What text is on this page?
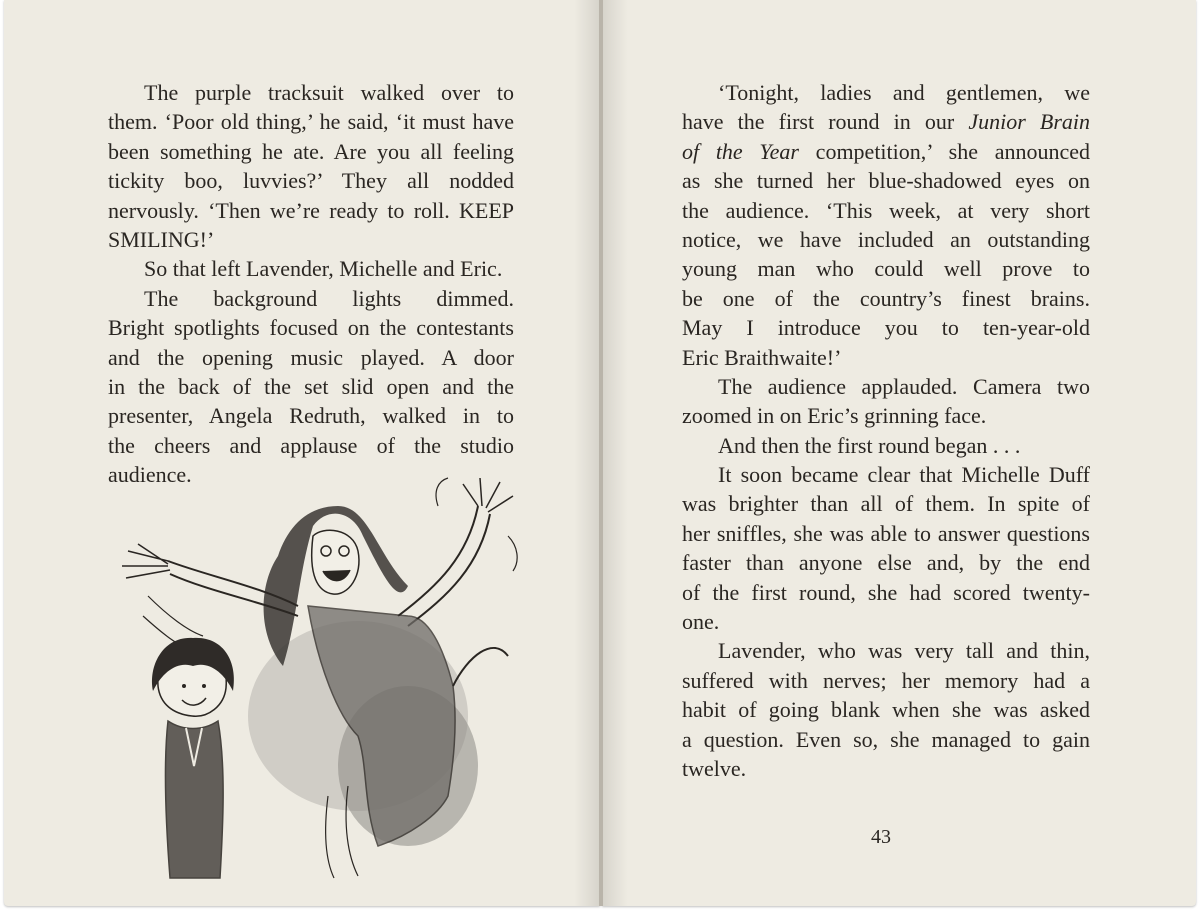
The purple tracksuit walked over to
them. ‘Poor old thing,’ he said, ‘it must have
been something he ate. Are you all feeling
tickity boo, luvvies?’ They all nodded
nervously. ‘Then we’re ready to roll. KEEP
SMILING!’
So that left Lavender, Michelle and Eric.
The background lights dimmed.
Bright spotlights focused on the contestants
and the opening music played. A door
in the back of the set slid open and the
presenter, Angela Redruth, walked in to
the cheers and applause of the studio
audience.
‘Tonight, ladies and gentlemen, we
have the first round in our Junior Brain
of the Year competition,’ she announced
as she turned her blue-shadowed eyes on
the audience. ‘This week, at very short
notice, we have included an outstanding
young man who could well prove to
be one of the country’s finest brains.
May I introduce you to ten-year-old
Eric Braithwaite!’
The audience applauded. Camera two
zoomed in on Eric’s grinning face.
And then the first round began . . .
It soon became clear that Michelle Duff
was brighter than all of them. In spite of
her sniffles, she was able to answer questions
faster than anyone else and, by the end
of the first round, she had scored twenty-
one.
Lavender, who was very tall and thin,
suffered with nerves; her memory had a
habit of going blank when she was asked
a question. Even so, she managed to gain
twelve.
43
